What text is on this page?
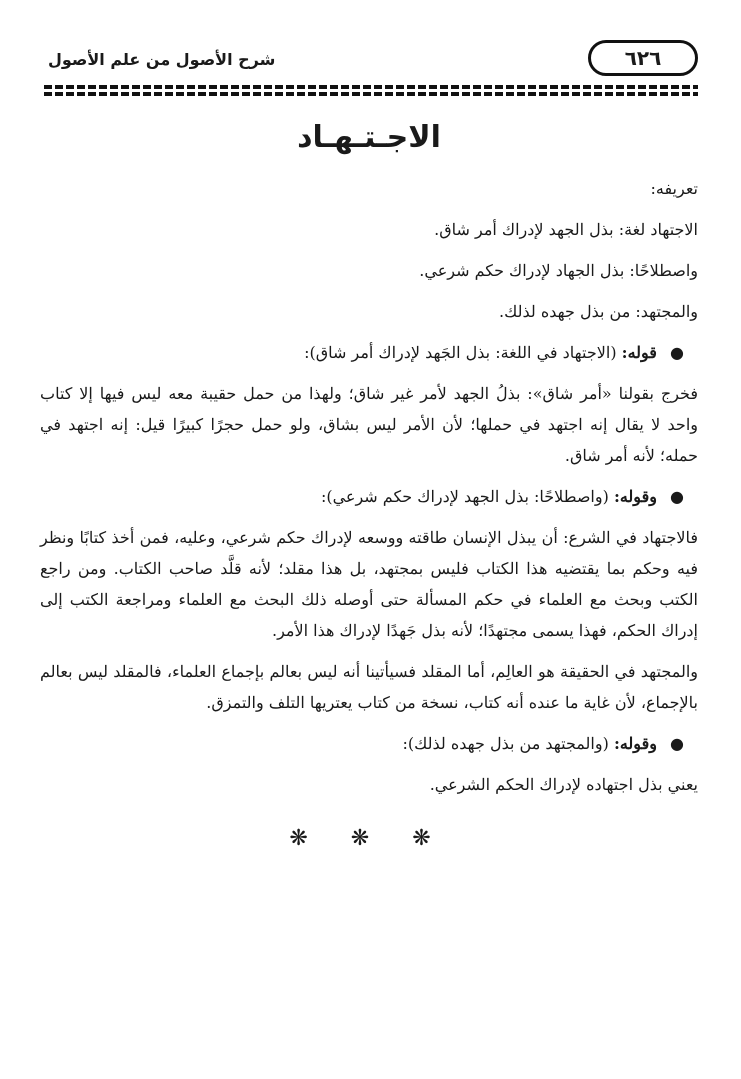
٦٢٦
شرح الأصول من علم الأصول
الاجـتـهـاد

تعريفه:

الاجتهاد لغة: بذل الجهد لإدراك أمر شاق.

واصطلاحًا: بذل الجهاد لإدراك حكم شرعي.

والمجتهد: من بذل جهده لذلك.

● قوله: (الاجتهاد في اللغة: بذل الجَهد لإدراك أمر شاق):

فخرج بقولنا «أمر شاق»: بذلُ الجهد لأمر غير شاق؛ ولهذا من حمل حقيبة معه ليس فيها إلا كتاب واحد لا يقال إنه اجتهد في حملها؛ لأن الأمر ليس بشاق، ولو حمل حجرًا كبيرًا قيل: إنه اجتهد في حمله؛ لأنه أمر شاق.

● وقوله: (واصطلاحًا: بذل الجهد لإدراك حكم شرعي):

فالاجتهاد في الشرع: أن يبذل الإنسان طاقته ووسعه لإدراك حكم شرعي، وعليه، فمن أخذ كتابًا ونظر فيه وحكم بما يقتضيه هذا الكتاب فليس بمجتهد، بل هذا مقلد؛ لأنه قلَّد صاحب الكتاب. ومن راجع الكتب وبحث مع العلماء في حكم المسألة حتى أوصله ذلك البحث مع العلماء ومراجعة الكتب إلى إدراك الحكم، فهذا يسمى مجتهدًا؛ لأنه بذل جَهدًا لإدراك هذا الأمر.

والمجتهد في الحقيقة هو العالِم، أما المقلد فسيأتينا أنه ليس بعالم بإجماع العلماء، فالمقلد ليس بعالم بالإجماع، لأن غاية ما عنده أنه كتاب، نسخة من كتاب يعتريها التلف والتمزق.

● وقوله: (والمجتهد من بذل جهده لذلك):

يعني بذل اجتهاده لإدراك الحكم الشرعي.

❋ ❋ ❋
